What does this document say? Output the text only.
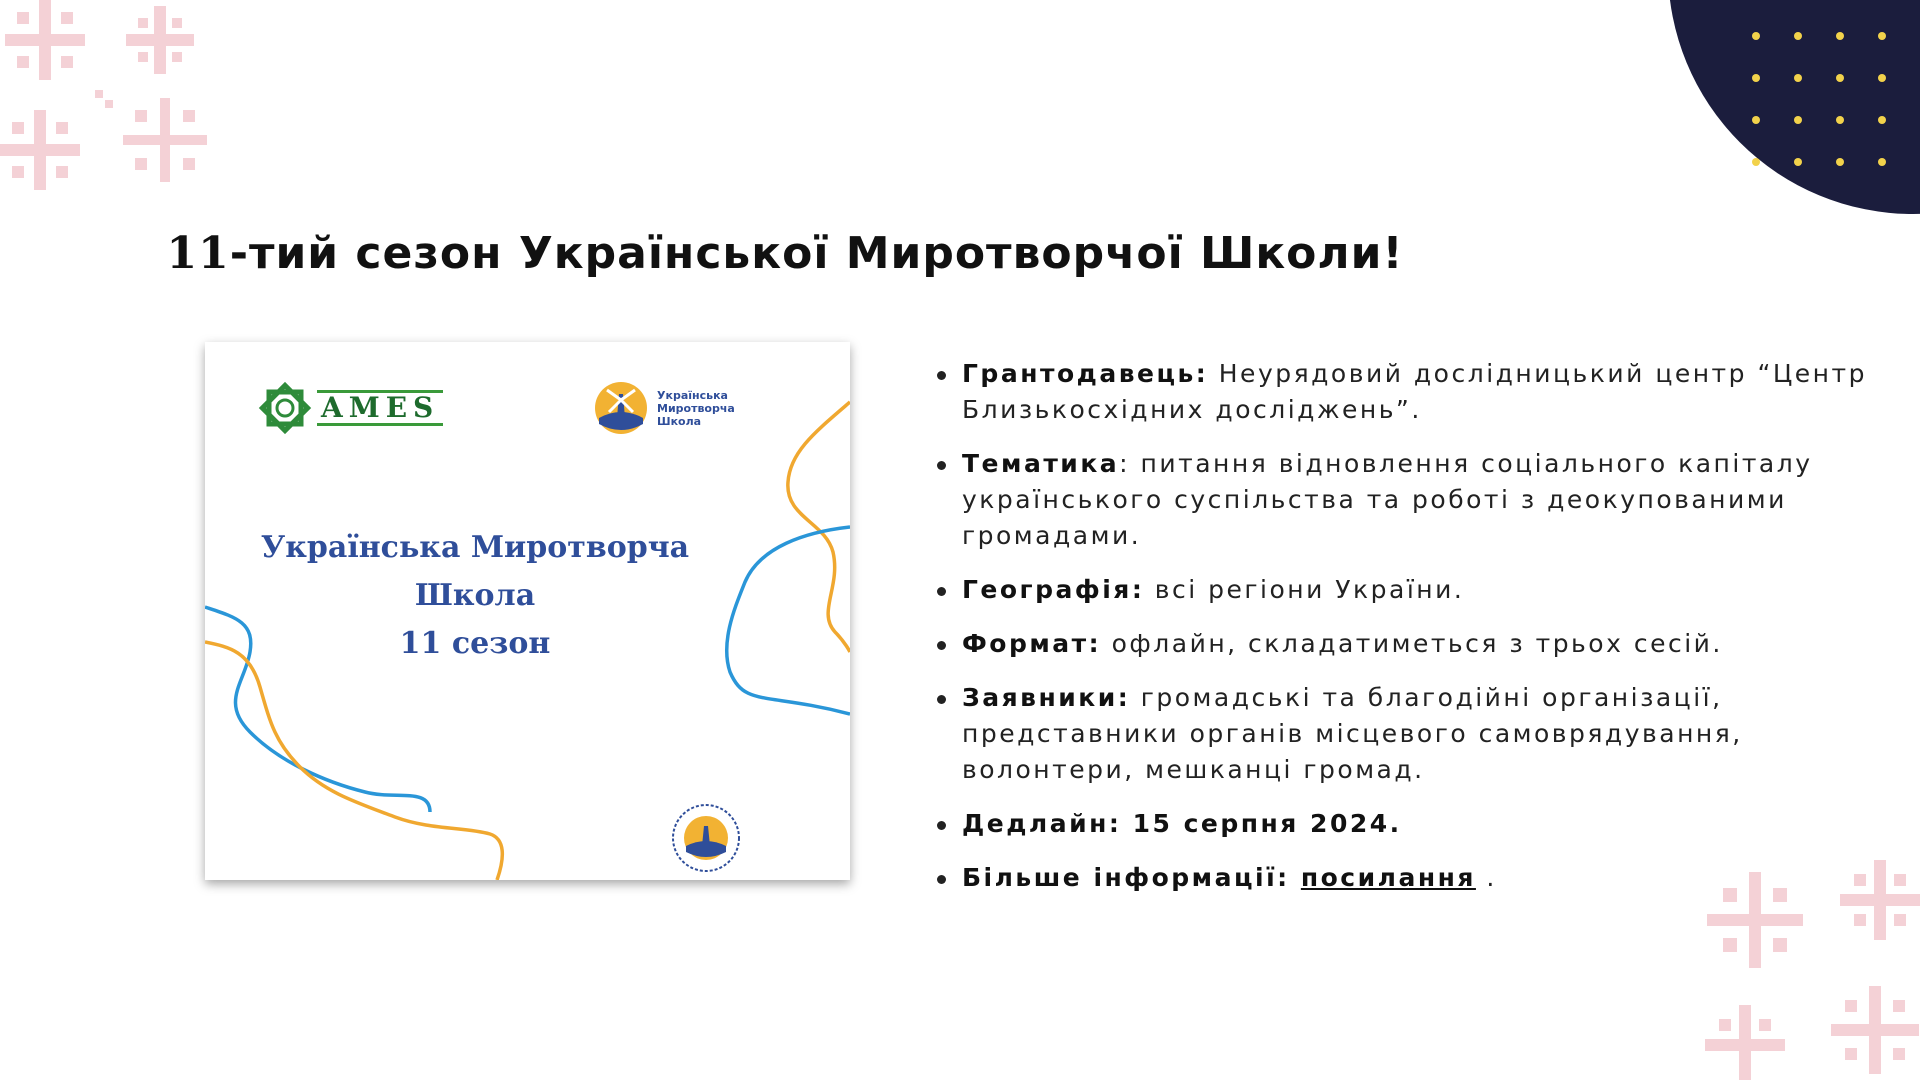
11-тий сезон Української Миротворчої Школи!
AMES	Українська
Миротворча
Школа
Українська Миротворча
Школа
11 сезон
Грантодавець: Неурядовий дослідницький центр “Центр Близькосхідних досліджень”.
Тематика: питання відновлення соціального капіталу українського суспільства та роботі з деокупованими громадами.
Географія: всі регіони України.
Формат: офлайн, складатиметься з трьох сесій.
Заявники: громадські та благодійні організації, представники органів місцевого самоврядування, волонтери, мешканці громад.
Дедлайн: 15 серпня 2024.
Більше інформації: посилання .
